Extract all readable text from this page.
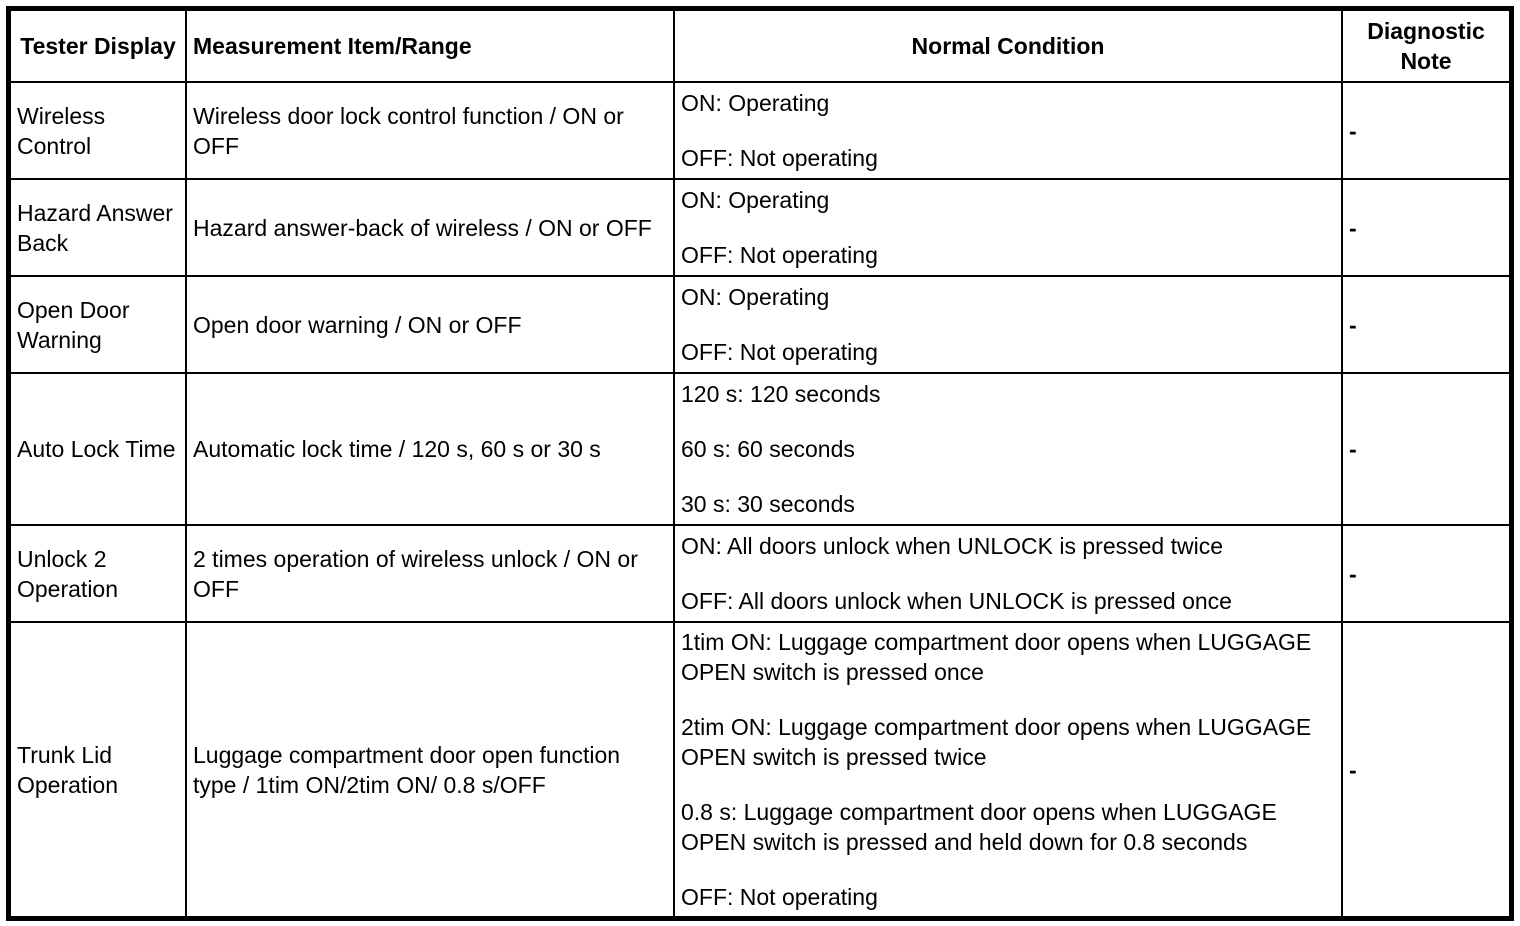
Tester Display	Measurement Item/Range	Normal Condition	Diagnostic Note
Wireless Control	Wireless door lock control function / ON or OFF	ON: Operating
OFF: Not operating	-
Hazard Answer Back	Hazard answer-back of wireless / ON or OFF	ON: Operating
OFF: Not operating	-
Open Door Warning	Open door warning / ON or OFF	ON: Operating
OFF: Not operating	-
Auto Lock Time	Automatic lock time / 120 s, 60 s or 30 s	120 s: 120 seconds
60 s: 60 seconds
30 s: 30 seconds	-
Unlock 2 Operation	2 times operation of wireless unlock / ON or OFF	ON: All doors unlock when UNLOCK is pressed twice
OFF: All doors unlock when UNLOCK is pressed once	-
Trunk Lid Operation	Luggage compartment door open function type / 1tim ON/2tim ON/ 0.8 s/OFF	1tim ON: Luggage compartment door opens when LUGGAGE OPEN switch is pressed once
2tim ON: Luggage compartment door opens when LUGGAGE OPEN switch is pressed twice
0.8 s: Luggage compartment door opens when LUGGAGE OPEN switch is pressed and held down for 0.8 seconds
OFF: Not operating	-
